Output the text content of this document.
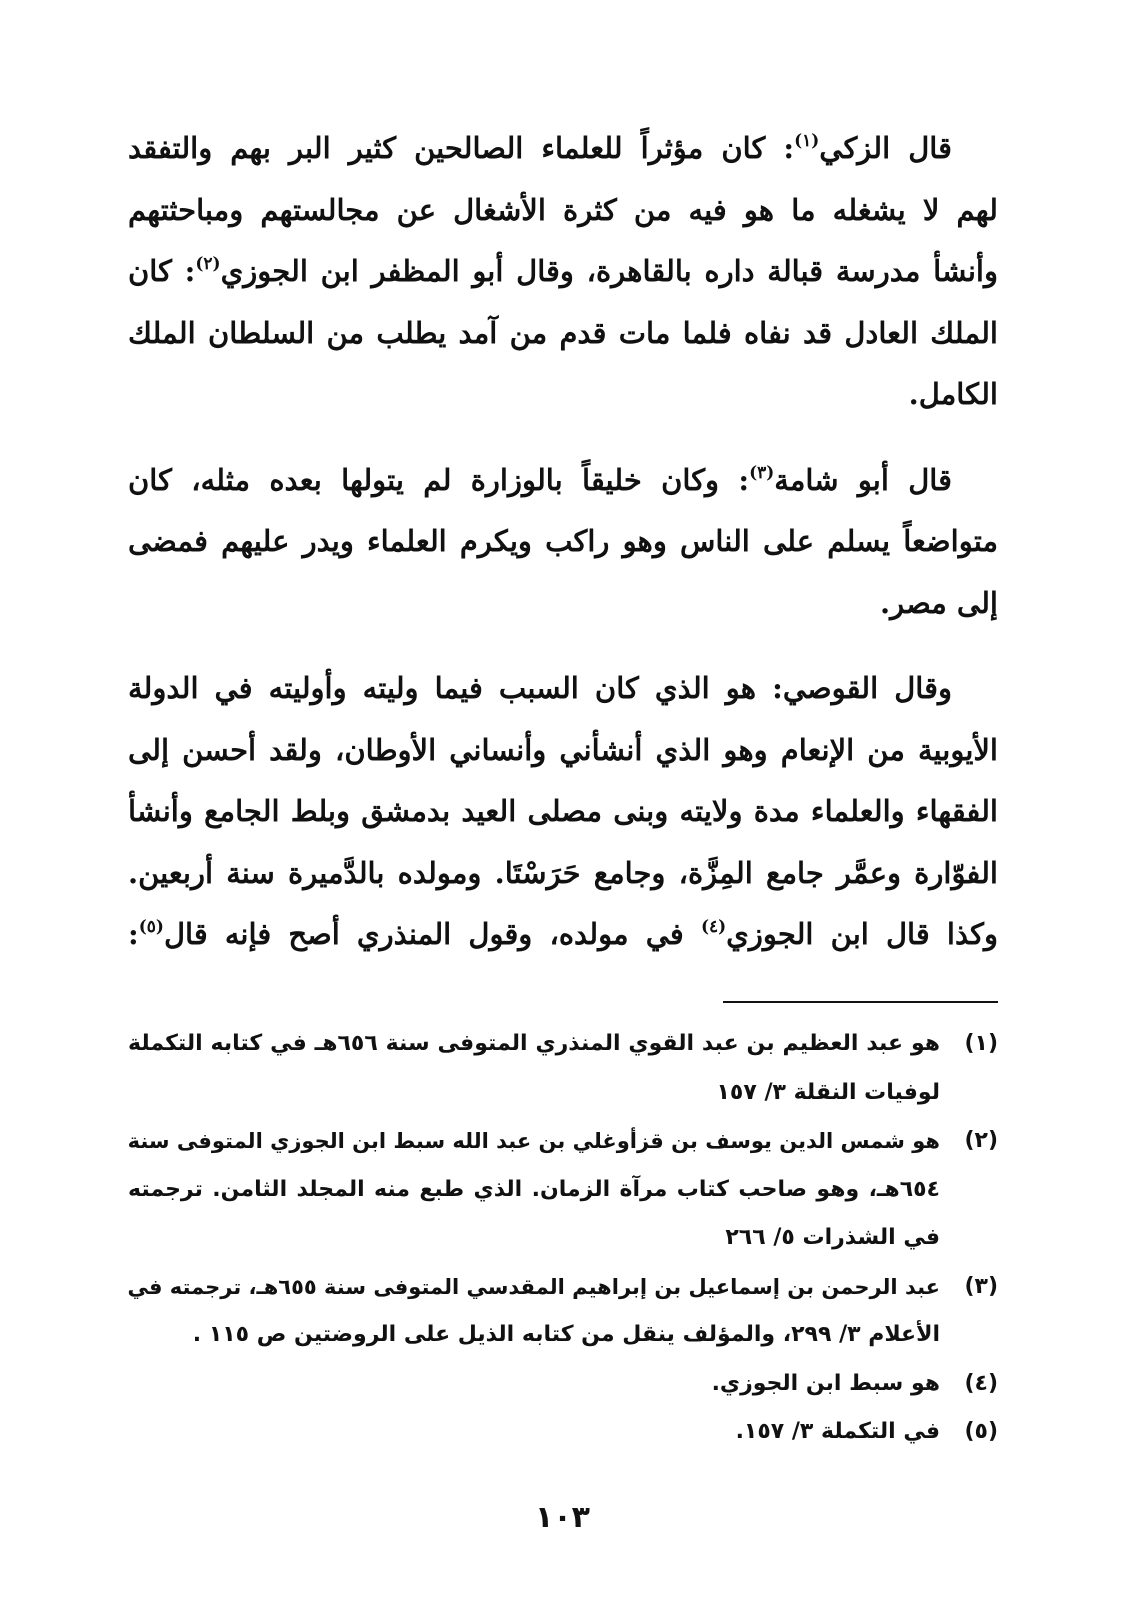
قال الزكي$^{(١)}$: كان مؤثراً للعلماء الصالحين كثير البر بهم والتفقد
لهم لا يشغله ما هو فيه من كثرة الأشغال عن مجالستهم ومباحثتهم
وأنشأ مدرسة قبالة داره بالقاهرة، وقال أبو المظفر ابن الجوزي$^{(٢)}$: كان
الملك العادل قد نفاه فلما مات قدم من آمد يطلب من السلطان الملك
الكامل.
قال أبو شامة$^{(٣)}$: وكان خليقاً بالوزارة لم يتولها بعده مثله، كان
متواضعاً يسلم على الناس وهو راكب ويكرم العلماء ويدر عليهم فمضى
إلى مصر.
وقال القوصي: هو الذي كان السبب فيما وليته وأوليته في الدولة
الأيوبية من الإنعام وهو الذي أنشأني وأنساني الأوطان، ولقد أحسن إلى
الفقهاء والعلماء مدة ولايته وبنى مصلى العيد بدمشق وبلط الجامع وأنشأ
الفوّارة وعمَّر جامع المِزَّة، وجامع حَرَسْتَا. ومولده بالدَّميرة سنة أربعين.
وكذا قال ابن الجوزي$^{(٤)}$ في مولده، وقول المنذري أصح فإنه قال$^{(٥)}$:
(١)
هو عبد العظيم بن عبد القوي المنذري المتوفى سنة ٦٥٦هـ في كتابه التكملة
لوفيات النقلة ٣/ ١٥٧
(٢)
هو شمس الدين يوسف بن قزأوغلي بن عبد الله سبط ابن الجوزي المتوفى سنة
٦٥٤هـ، وهو صاحب كتاب مرآة الزمان. الذي طبع منه المجلد الثامن. ترجمته
في الشذرات ٥/ ٢٦٦
(٣)
عبد الرحمن بن إسماعيل بن إبراهيم المقدسي المتوفى سنة ٦٥٥هـ، ترجمته في
الأعلام ٣/ ٢٩٩، والمؤلف ينقل من كتابه الذيل على الروضتين ص ١١٥ .
(٤)
هو سبط ابن الجوزي.
(٥)
في التكملة ٣/ ١٥٧.
١٠٣
